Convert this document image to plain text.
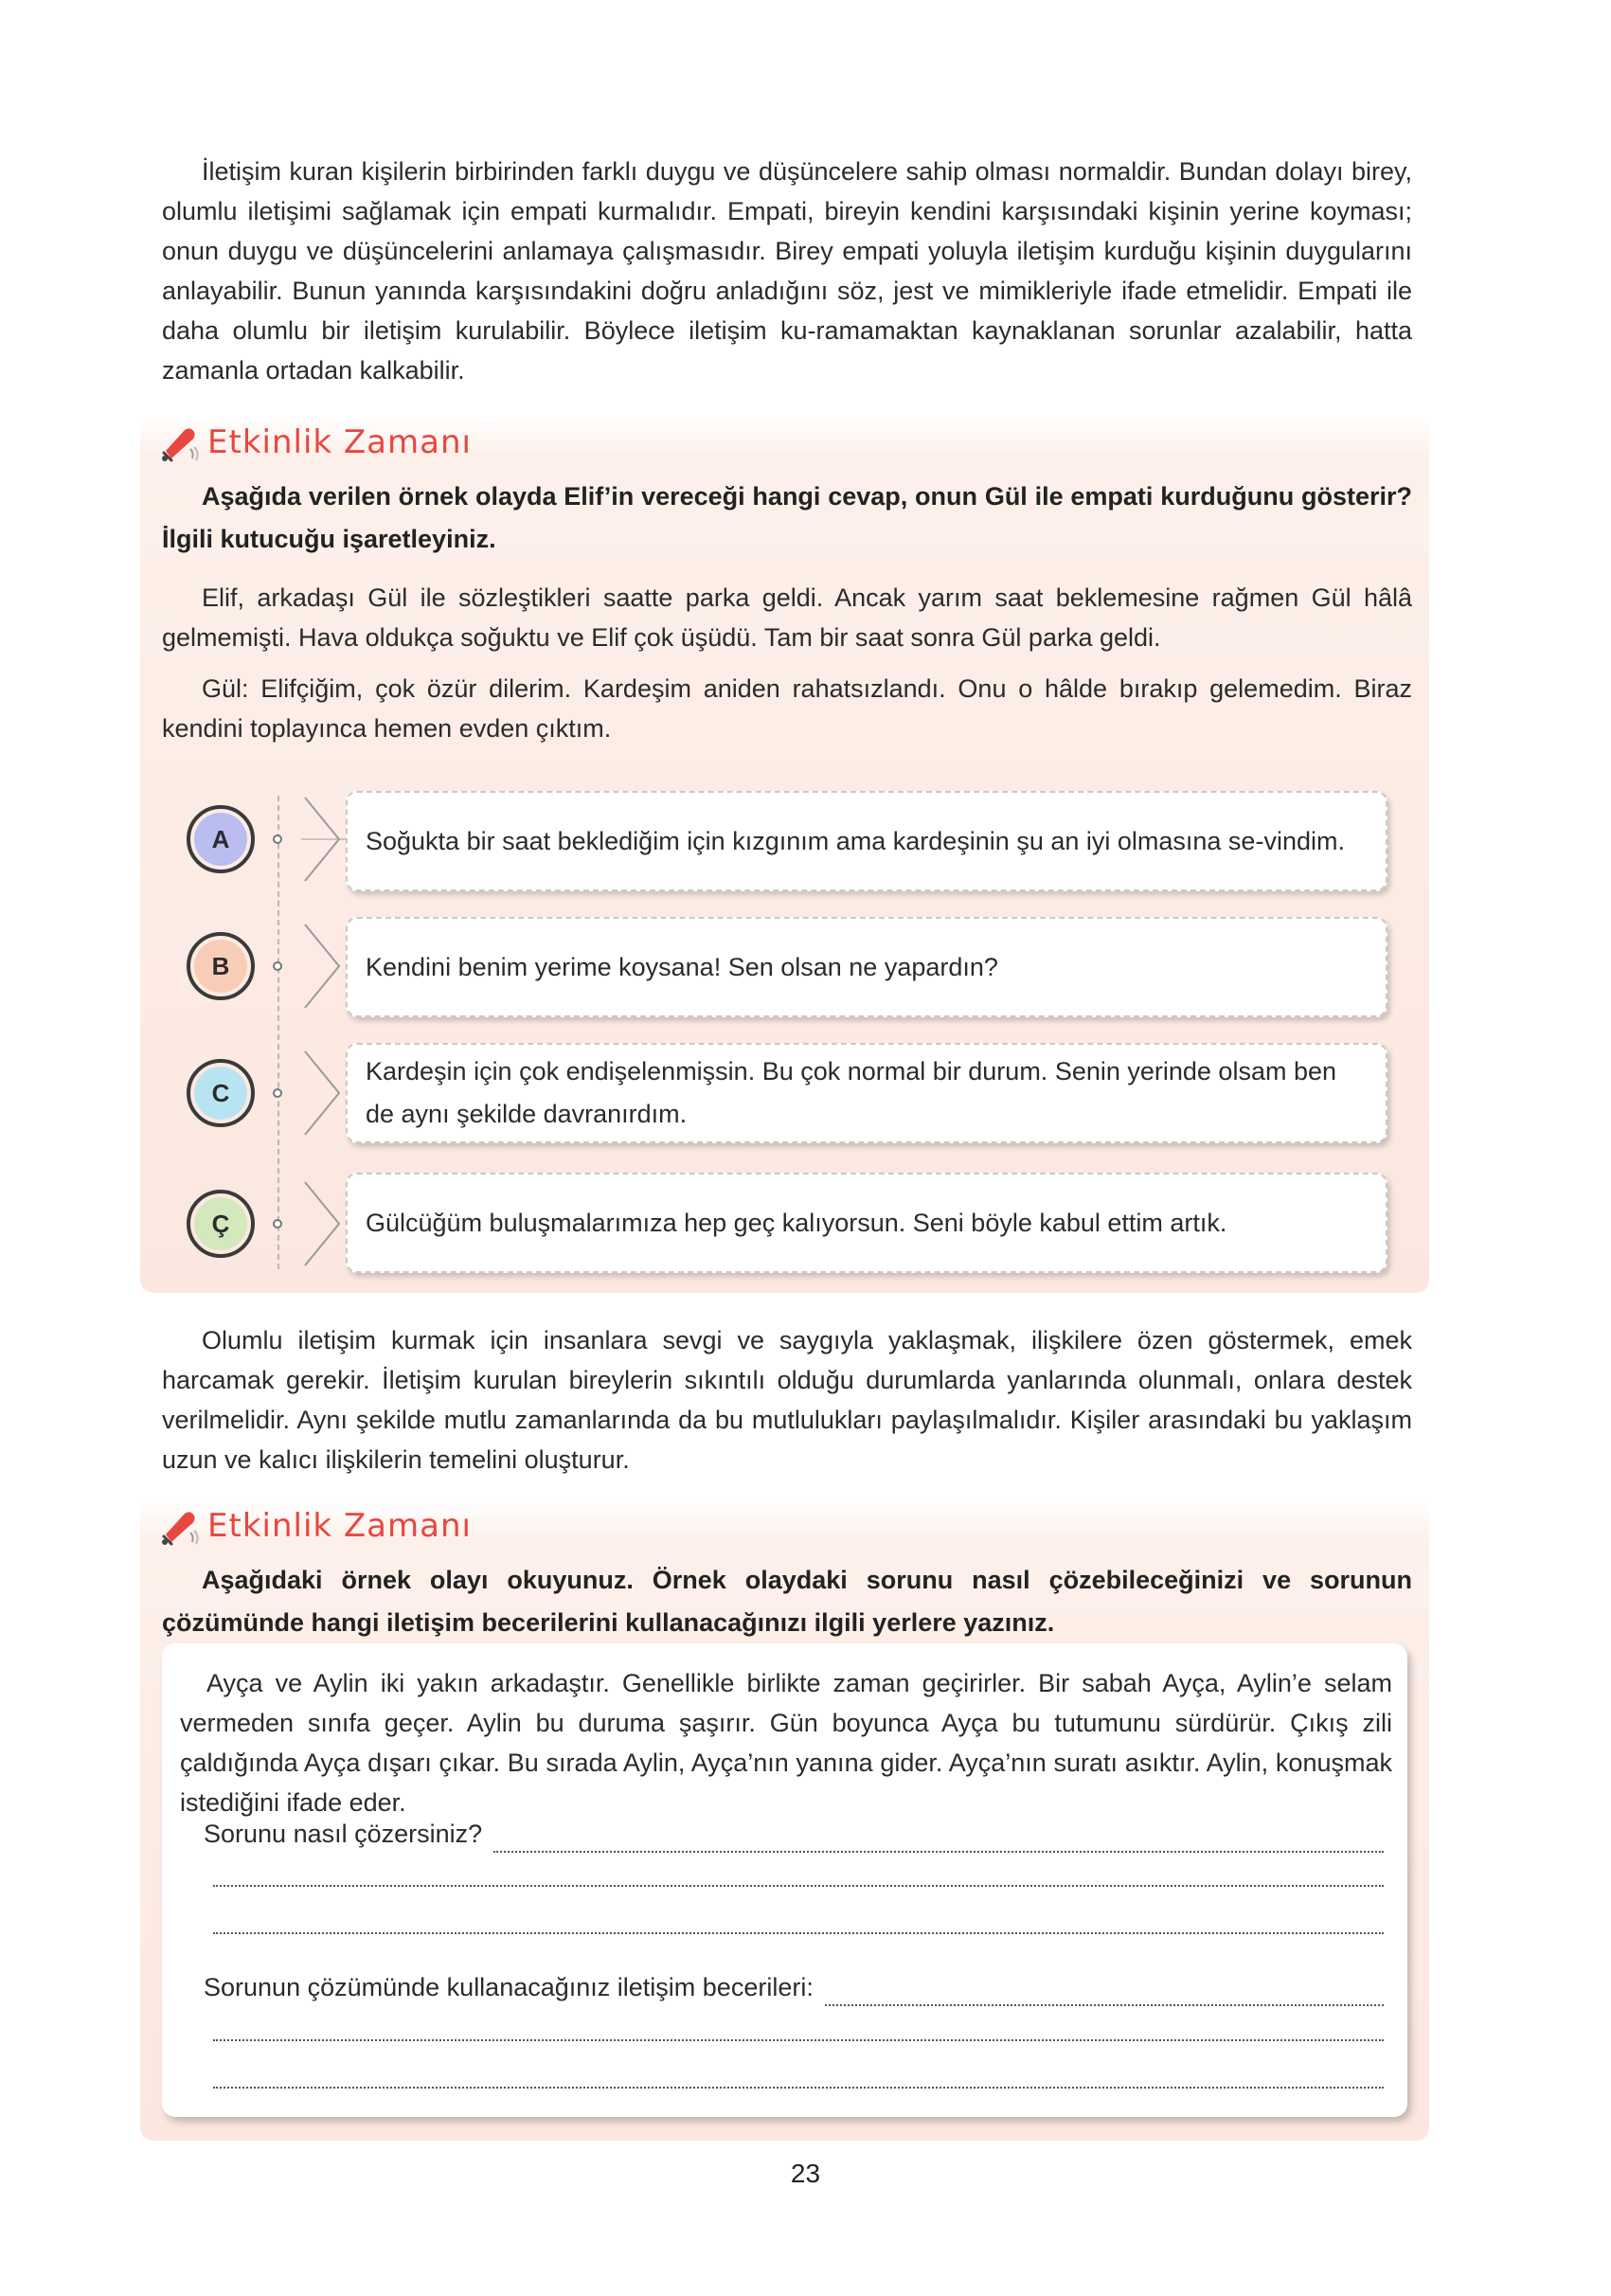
İletişim kuran kişilerin birbirinden farklı duygu ve düşüncelere sahip olması normaldir. Bundan dolayı birey, olumlu iletişimi sağlamak için empati kurmalıdır. Empati, bireyin kendini karşısındaki kişinin yerine koyması; onun duygu ve düşüncelerini anlamaya çalışmasıdır. Birey empati yoluyla iletişim kurduğu kişinin duygularını anlayabilir. Bunun yanında karşısındakini doğru anladığını söz, jest ve mimikleriyle ifade etmelidir. Empati ile daha olumlu bir iletişim kurulabilir. Böylece iletişim ku-ramamaktan kaynaklanan sorunlar azalabilir, hatta zamanla ortadan kalkabilir.
Etkinlik Zamanı
Aşağıda verilen örnek olayda Elif’in vereceği hangi cevap, onun Gül ile empati kurduğunu gösterir? İlgili kutucuğu işaretleyiniz.
Elif, arkadaşı Gül ile sözleştikleri saatte parka geldi. Ancak yarım saat beklemesine rağmen Gül hâlâ gelmemişti. Hava oldukça soğuktu ve Elif çok üşüdü. Tam bir saat sonra Gül parka geldi.
Gül: Elifçiğim, çok özür dilerim. Kardeşim aniden rahatsızlandı. Onu o hâlde bırakıp gelemedim. Biraz kendini toplayınca hemen evden çıktım.
A	Soğukta bir saat beklediğim için kızgınım ama kardeşinin şu an iyi olmasına se-vindim.
B	Kendini benim yerime koysana! Sen olsan ne yapardın?
C
Kardeşin için çok endişelenmişsin. Bu çok normal bir durum. Senin yerinde olsam ben de aynı şekilde davranırdım.
Ç	Gülcüğüm buluşmalarımıza hep geç kalıyorsun. Seni böyle kabul ettim artık.
Olumlu iletişim kurmak için insanlara sevgi ve saygıyla yaklaşmak, ilişkilere özen göstermek, emek harcamak gerekir. İletişim kurulan bireylerin sıkıntılı olduğu durumlarda yanlarında olunmalı, onlara destek verilmelidir. Aynı şekilde mutlu zamanlarında da bu mutlulukları paylaşılmalıdır. Kişiler arasındaki bu yaklaşım uzun ve kalıcı ilişkilerin temelini oluşturur.
Etkinlik Zamanı
Aşağıdaki örnek olayı okuyunuz. Örnek olaydaki sorunu nasıl çözebileceğinizi ve sorunun çözümünde hangi iletişim becerilerini kullanacağınızı ilgili yerlere yazınız.
Ayça ve Aylin iki yakın arkadaştır. Genellikle birlikte zaman geçirirler. Bir sabah Ayça, Aylin’e selam vermeden sınıfa geçer. Aylin bu duruma şaşırır. Gün boyunca Ayça bu tutumunu sürdürür. Çıkış zili çaldığında Ayça dışarı çıkar. Bu sırada Aylin, Ayça’nın yanına gider. Ayça’nın suratı asıktır. Aylin, konuşmak istediğini ifade eder.
Sorunu nasıl çözersiniz?
Sorunun çözümünde kullanacağınız iletişim becerileri:
23
